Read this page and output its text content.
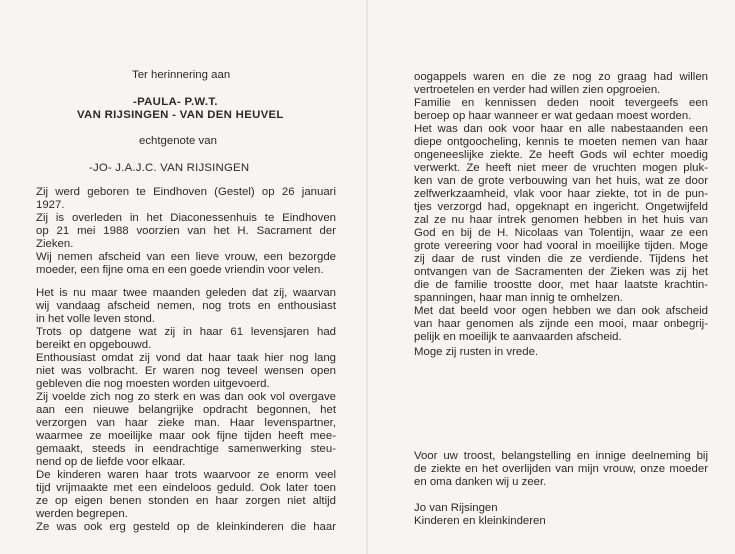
Ter herinnering aan
-PAULA- P.W.T.
VAN RIJSINGEN - VAN DEN HEUVEL
echtgenote van
-JO- J.A.J.C. VAN RIJSINGEN
Zij werd geboren te Eindhoven (Gestel) op 26 januari
1927.
Zij is overleden in het Diaconessenhuis te Eindhoven
op 21 mei 1988 voorzien van het H. Sacrament der
Zieken.
Wij nemen afscheid van een lieve vrouw, een bezorgde
moeder, een fijne oma en een goede vriendin voor velen.
Het is nu maar twee maanden geleden dat zij, waarvan
wij vandaag afscheid nemen, nog trots en enthousiast
in het volle leven stond.
Trots op datgene wat zij in haar 61 levensjaren had
bereikt en opgebouwd.
Enthousiast omdat zij vond dat haar taak hier nog lang
niet was volbracht. Er waren nog teveel wensen open
gebleven die nog moesten worden uitgevoerd.
Zij voelde zich nog zo sterk en was dan ook vol overgave
aan een nieuwe belangrijke opdracht begonnen, het
verzorgen van haar zieke man. Haar levenspartner,
waarmee ze moeilijke maar ook fijne tijden heeft mee-
gemaakt, steeds in eendrachtige samenwerking steu-
nend op de liefde voor elkaar.
De kinderen waren haar trots waarvoor ze enorm veel
tijd vrijmaakte met een eindeloos geduld. Ook later toen
ze op eigen benen stonden en haar zorgen niet altijd
werden begrepen.
Ze was ook erg gesteld op de kleinkinderen die haar
oogappels waren en die ze nog zo graag had willen
vertroetelen en verder had willen zien opgroeien.
Familie en kennissen deden nooit tevergeefs een
beroep op haar wanneer er wat gedaan moest worden.
Het was dan ook voor haar en alle nabestaanden een
diepe ontgoocheling, kennis te moeten nemen van haar
ongeneeslijke ziekte. Ze heeft Gods wil echter moedig
verwerkt. Ze heeft niet meer de vruchten mogen pluk-
ken van de grote verbouwing van het huis, wat ze door
zelfwerkzaamheid, vlak voor haar ziekte, tot in de pun-
tjes verzorgd had, opgeknapt en ingericht. Ongetwijfeld
zal ze nu haar intrek genomen hebben in het huis van
God en bij de H. Nicolaas van Tolentijn, waar ze een
grote vereering voor had vooral in moeilijke tijden. Moge
zij daar de rust vinden die ze verdiende. Tijdens het
ontvangen van de Sacramenten der Zieken was zij het
die de familie troostte door, met haar laatste krachtin-
spanningen, haar man innig te omhelzen.
Met dat beeld voor ogen hebben we dan ook afscheid
van haar genomen als zijnde een mooi, maar onbegrij-
pelijk en moeilijk te aanvaarden afscheid.
Moge zij rusten in vrede.
Voor uw troost, belangstelling en innige deelneming bij
de ziekte en het overlijden van mijn vrouw, onze moeder
en oma danken wij u zeer.
Jo van Rijsingen
Kinderen en kleinkinderen
